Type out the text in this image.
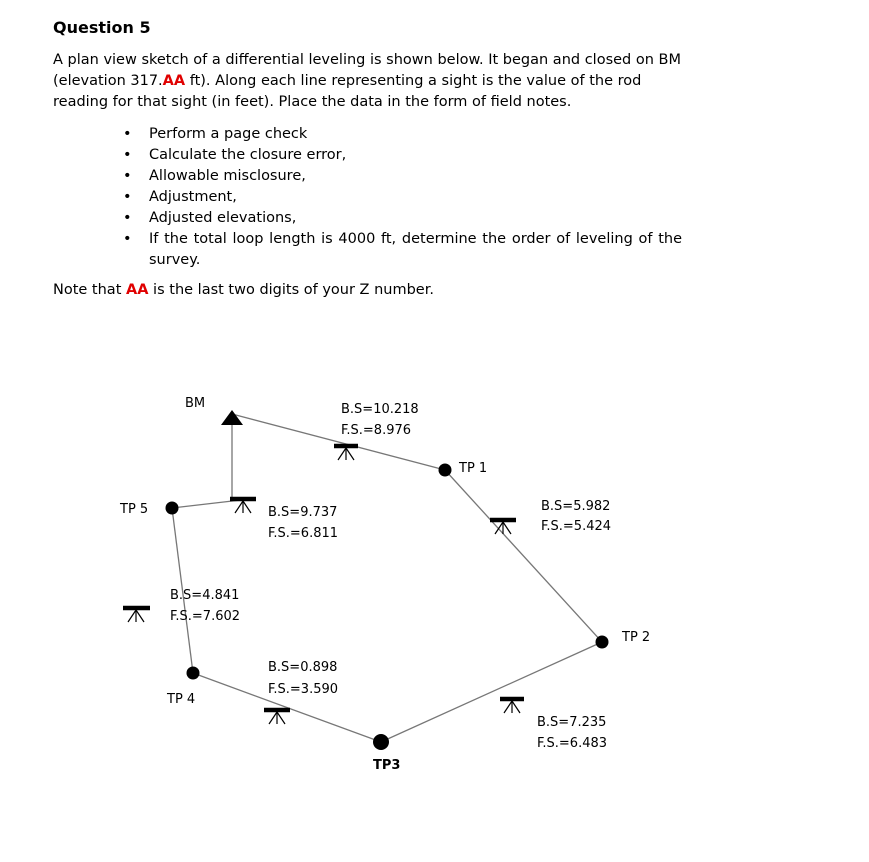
Question 5

A plan view sketch of a differential leveling is shown below. It began and closed on BM (elevation 317.AA ft). Along each line representing a sight is the value of the rod reading for that sight (in feet). Place the data in the form of field notes.

• Perform a page check
• Calculate the closure error,
• Allowable misclosure,
• Adjustment,
• Adjusted elevations,
• If the total loop length is 4000 ft, determine the order of leveling of the survey.

Note that AA is the last two digits of your Z number.

BM
TP 1
TP 2
TP3
TP 4
TP 5
B.S=10.218
F.S.=8.976
B.S=5.982
F.S.=5.424
B.S=7.235
F.S.=6.483
B.S=0.898
F.S.=3.590
B.S=4.841
F.S.=7.602
B.S=9.737
F.S.=6.811
